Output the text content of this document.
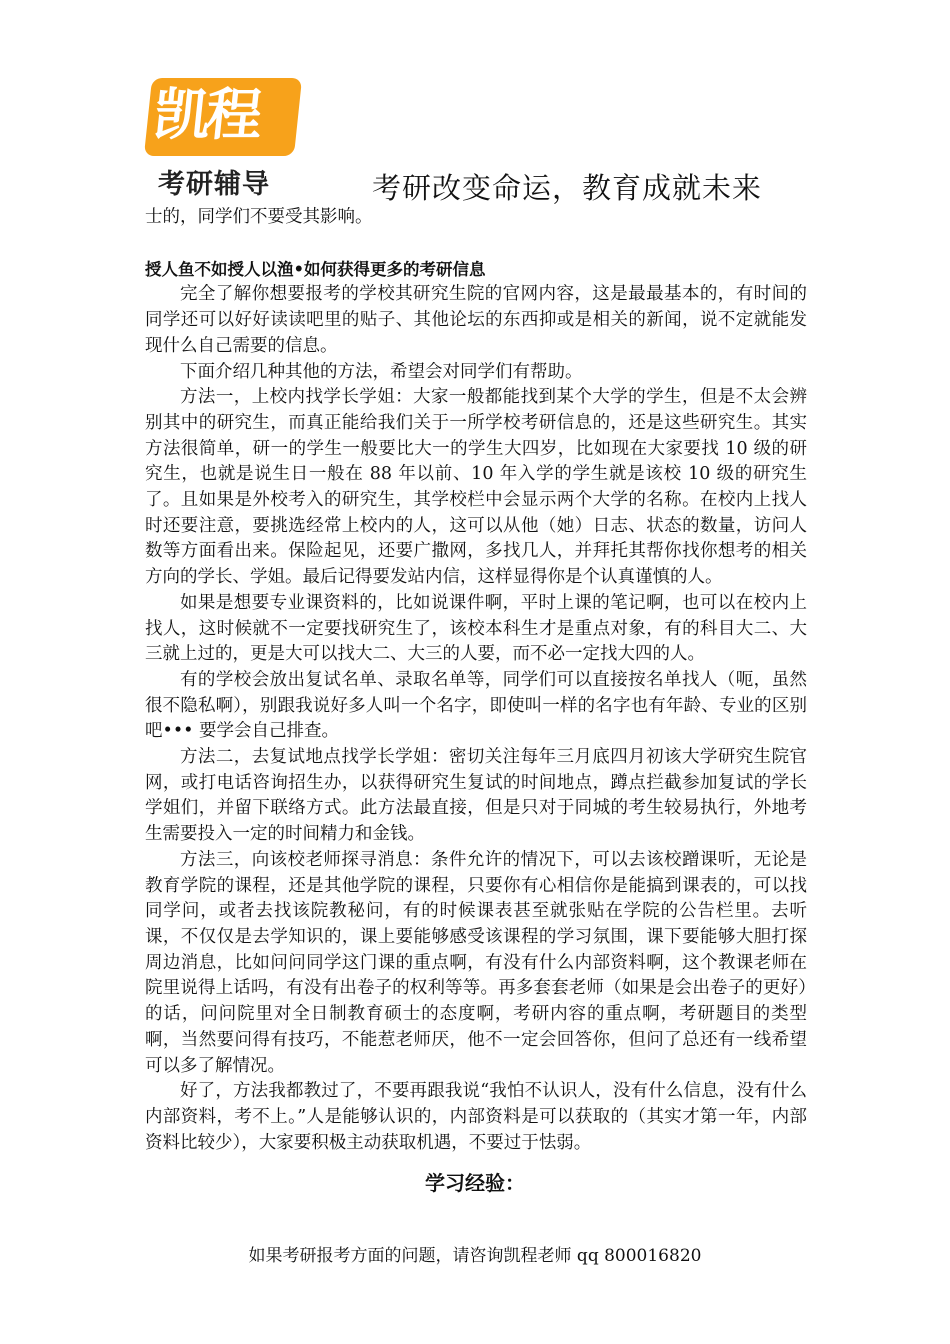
凯程
考研辅导	考研改变命运，教育成就未来

士的，同学们不要受其影响。

授人鱼不如授人以渔•如何获得更多的考研信息

完全了解你想要报考的学校其研究生院的官网内容，这是最最基本的，有时间的同学还可以好好读读吧里的贴子、其他论坛的东西抑或是相关的新闻，说不定就能发现什么自己需要的信息。

下面介绍几种其他的方法，希望会对同学们有帮助。

方法一，上校内找学长学姐：大家一般都能找到某个大学的学生，但是不太会辨别其中的研究生，而真正能给我们关于一所学校考研信息的，还是这些研究生。其实方法很简单，研一的学生一般要比大一的学生大四岁，比如现在大家要找 10 级的研究生，也就是说生日一般在 88 年以前、10 年入学的学生就是该校 10 级的研究生了。且如果是外校考入的研究生，其学校栏中会显示两个大学的名称。在校内上找人时还要注意，要挑选经常上校内的人，这可以从他（她）日志、状态的数量，访问人数等方面看出来。保险起见，还要广撒网，多找几人，并拜托其帮你找你想考的相关方向的学长、学姐。最后记得要发站内信，这样显得你是个认真谨慎的人。

如果是想要专业课资料的，比如说课件啊，平时上课的笔记啊，也可以在校内上找人，这时候就不一定要找研究生了，该校本科生才是重点对象，有的科目大二、大三就上过的，更是大可以找大二、大三的人要，而不必一定找大四的人。

有的学校会放出复试名单、录取名单等，同学们可以直接按名单找人（呃，虽然很不隐私啊），别跟我说好多人叫一个名字，即使叫一样的名字也有年龄、专业的区别吧••• 要学会自己排查。

方法二，去复试地点找学长学姐：密切关注每年三月底四月初该大学研究生院官网，或打电话咨询招生办，以获得研究生复试的时间地点，蹲点拦截参加复试的学长学姐们，并留下联络方式。此方法最直接，但是只对于同城的考生较易执行，外地考生需要投入一定的时间精力和金钱。

方法三，向该校老师探寻消息：条件允许的情况下，可以去该校蹭课听，无论是教育学院的课程，还是其他学院的课程，只要你有心相信你是能搞到课表的，可以找同学问，或者去找该院教秘问，有的时候课表甚至就张贴在学院的公告栏里。去听课，不仅仅是去学知识的，课上要能够感受该课程的学习氛围，课下要能够大胆打探周边消息，比如问问同学这门课的重点啊，有没有什么内部资料啊，这个教课老师在院里说得上话吗，有没有出卷子的权利等等。再多套套老师（如果是会出卷子的更好）的话，问问院里对全日制教育硕士的态度啊，考研内容的重点啊，考研题目的类型啊，当然要问得有技巧，不能惹老师厌，他不一定会回答你，但问了总还有一线希望可以多了解情况。

好了，方法我都教过了，不要再跟我说“我怕不认识人，没有什么信息，没有什么内部资料，考不上。”人是能够认识的，内部资料是可以获取的（其实才第一年，内部资料比较少），大家要积极主动获取机遇，不要过于怯弱。

学习经验：
如果考研报考方面的问题，请咨询凯程老师 qq 800016820
